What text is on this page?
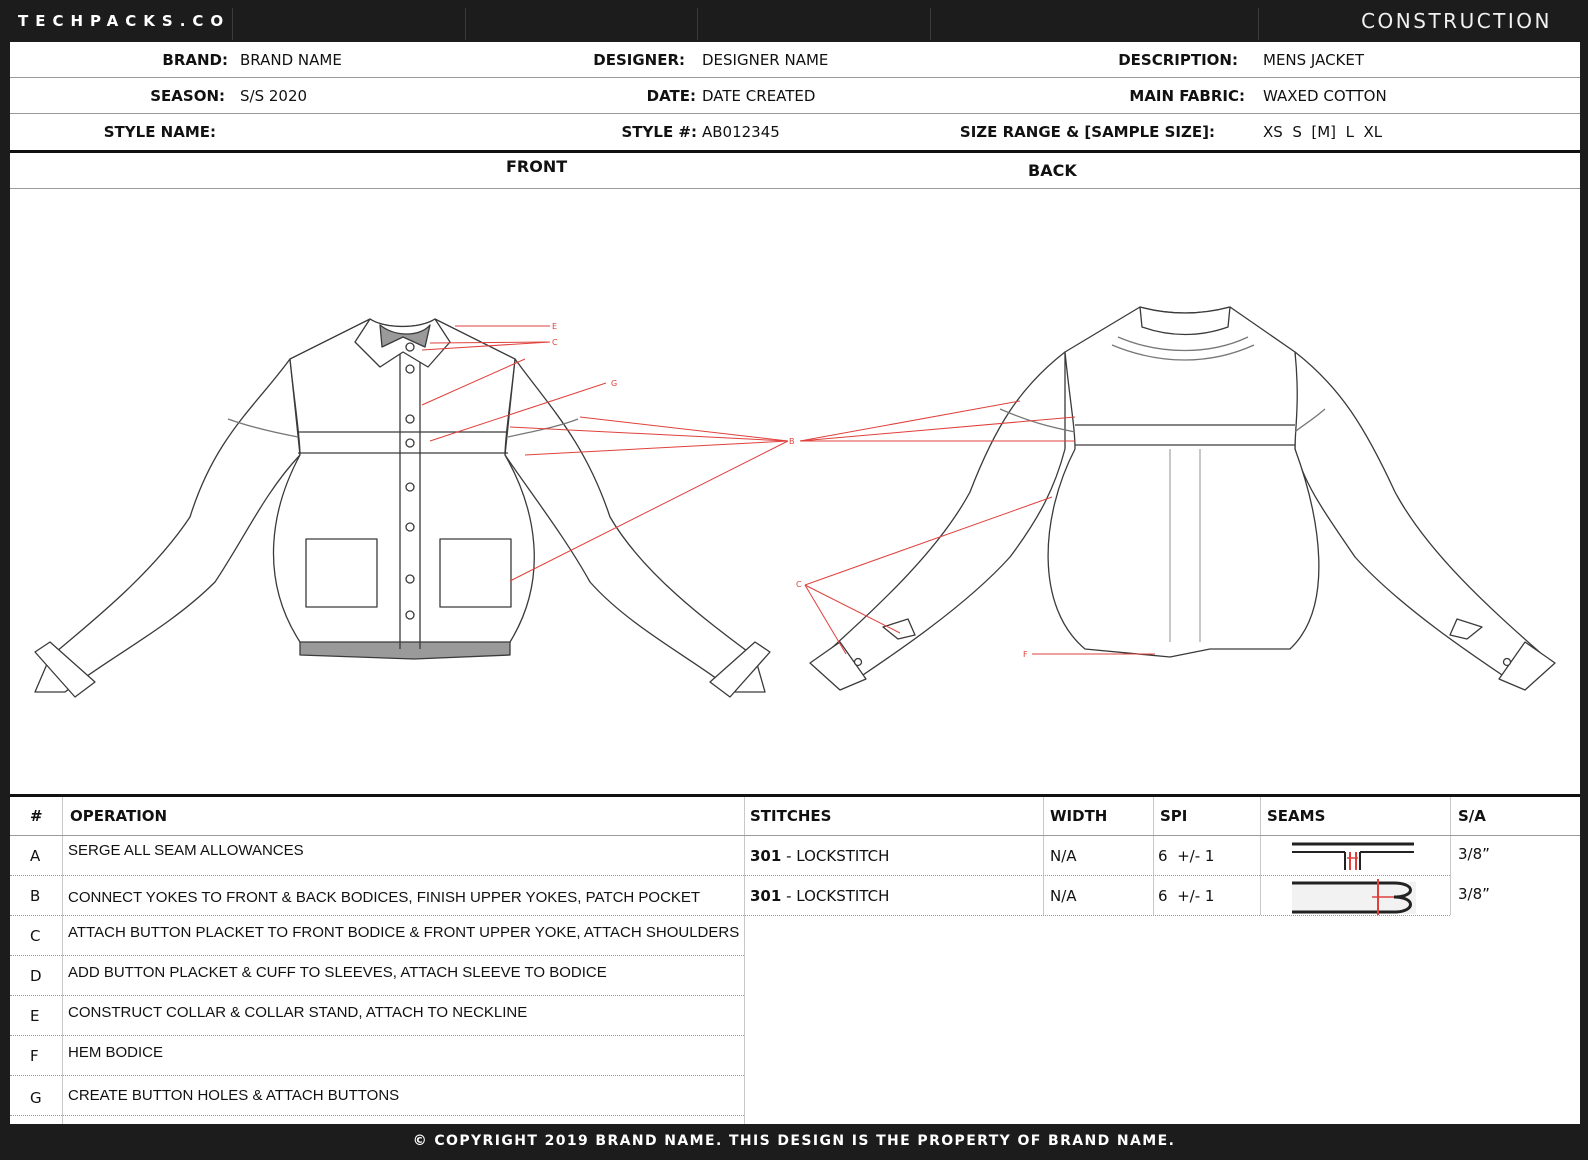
TECHPACKS.CO	CONSTRUCTION
BRAND: BRAND NAME	DESIGNER: DESIGNER NAME	DESCRIPTION: MENS JACKET
SEASON: S/S 2020	DATE: DATE CREATED	MAIN FABRIC: WAXED COTTON
STYLE NAME:	STYLE #: AB012345	SIZE RANGE & [SAMPLE SIZE]:	XS  S  [M]  L  XL
FRONT	BACK
E
C
G
B
C
F
# OPERATION	STITCHES	WIDTH	SPI	SEAMS	S/A
A SERGE ALL SEAM ALLOWANCES	301 - LOCKSTITCH	N/A	6  +/- 1	3/8”
B CONNECT YOKES TO FRONT & BACK BODICES, FINISH UPPER YOKES, PATCH POCKET	301 - LOCKSTITCH	N/A	6  +/- 1	3/8”
C ATTACH BUTTON PLACKET TO FRONT BODICE & FRONT UPPER YOKE, ATTACH SHOULDERS
D ADD BUTTON PLACKET & CUFF TO SLEEVES, ATTACH SLEEVE TO BODICE
E CONSTRUCT COLLAR & COLLAR STAND, ATTACH TO NECKLINE
F HEM BODICE
G CREATE BUTTON HOLES & ATTACH BUTTONS
© COPYRIGHT 2019 BRAND NAME. THIS DESIGN IS THE PROPERTY OF BRAND NAME.
